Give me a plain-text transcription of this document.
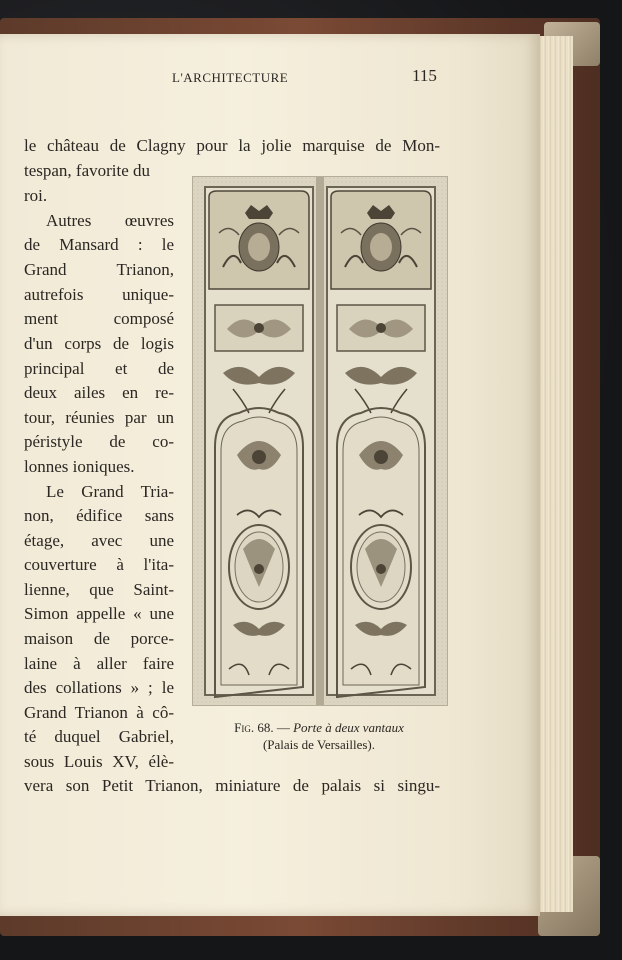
L'ARCHITECTURE	115
le château de Clagny pour la jolie marquise de Mon-
tespan, favorite du
roi.
Autres œuvres
de Mansard : le
Grand Trianon,
autrefois unique-
ment composé
d'un corps de logis
principal et de
deux ailes en re-
tour, réunies par un
péristyle de co-
lonnes ioniques.
Le Grand Tria-
non, édifice sans
étage, avec une
couverture à l'ita-
lienne, que Saint-
Simon appelle « une
maison de porce-
laine à aller faire
des collations » ; le
Grand Trianon à cô-
té duquel Gabriel,
sous Louis XV, élè-
vera son Petit Trianon, miniature de palais si singu-
Fig. 68. — Porte à deux vantaux
(Palais de Versailles).
